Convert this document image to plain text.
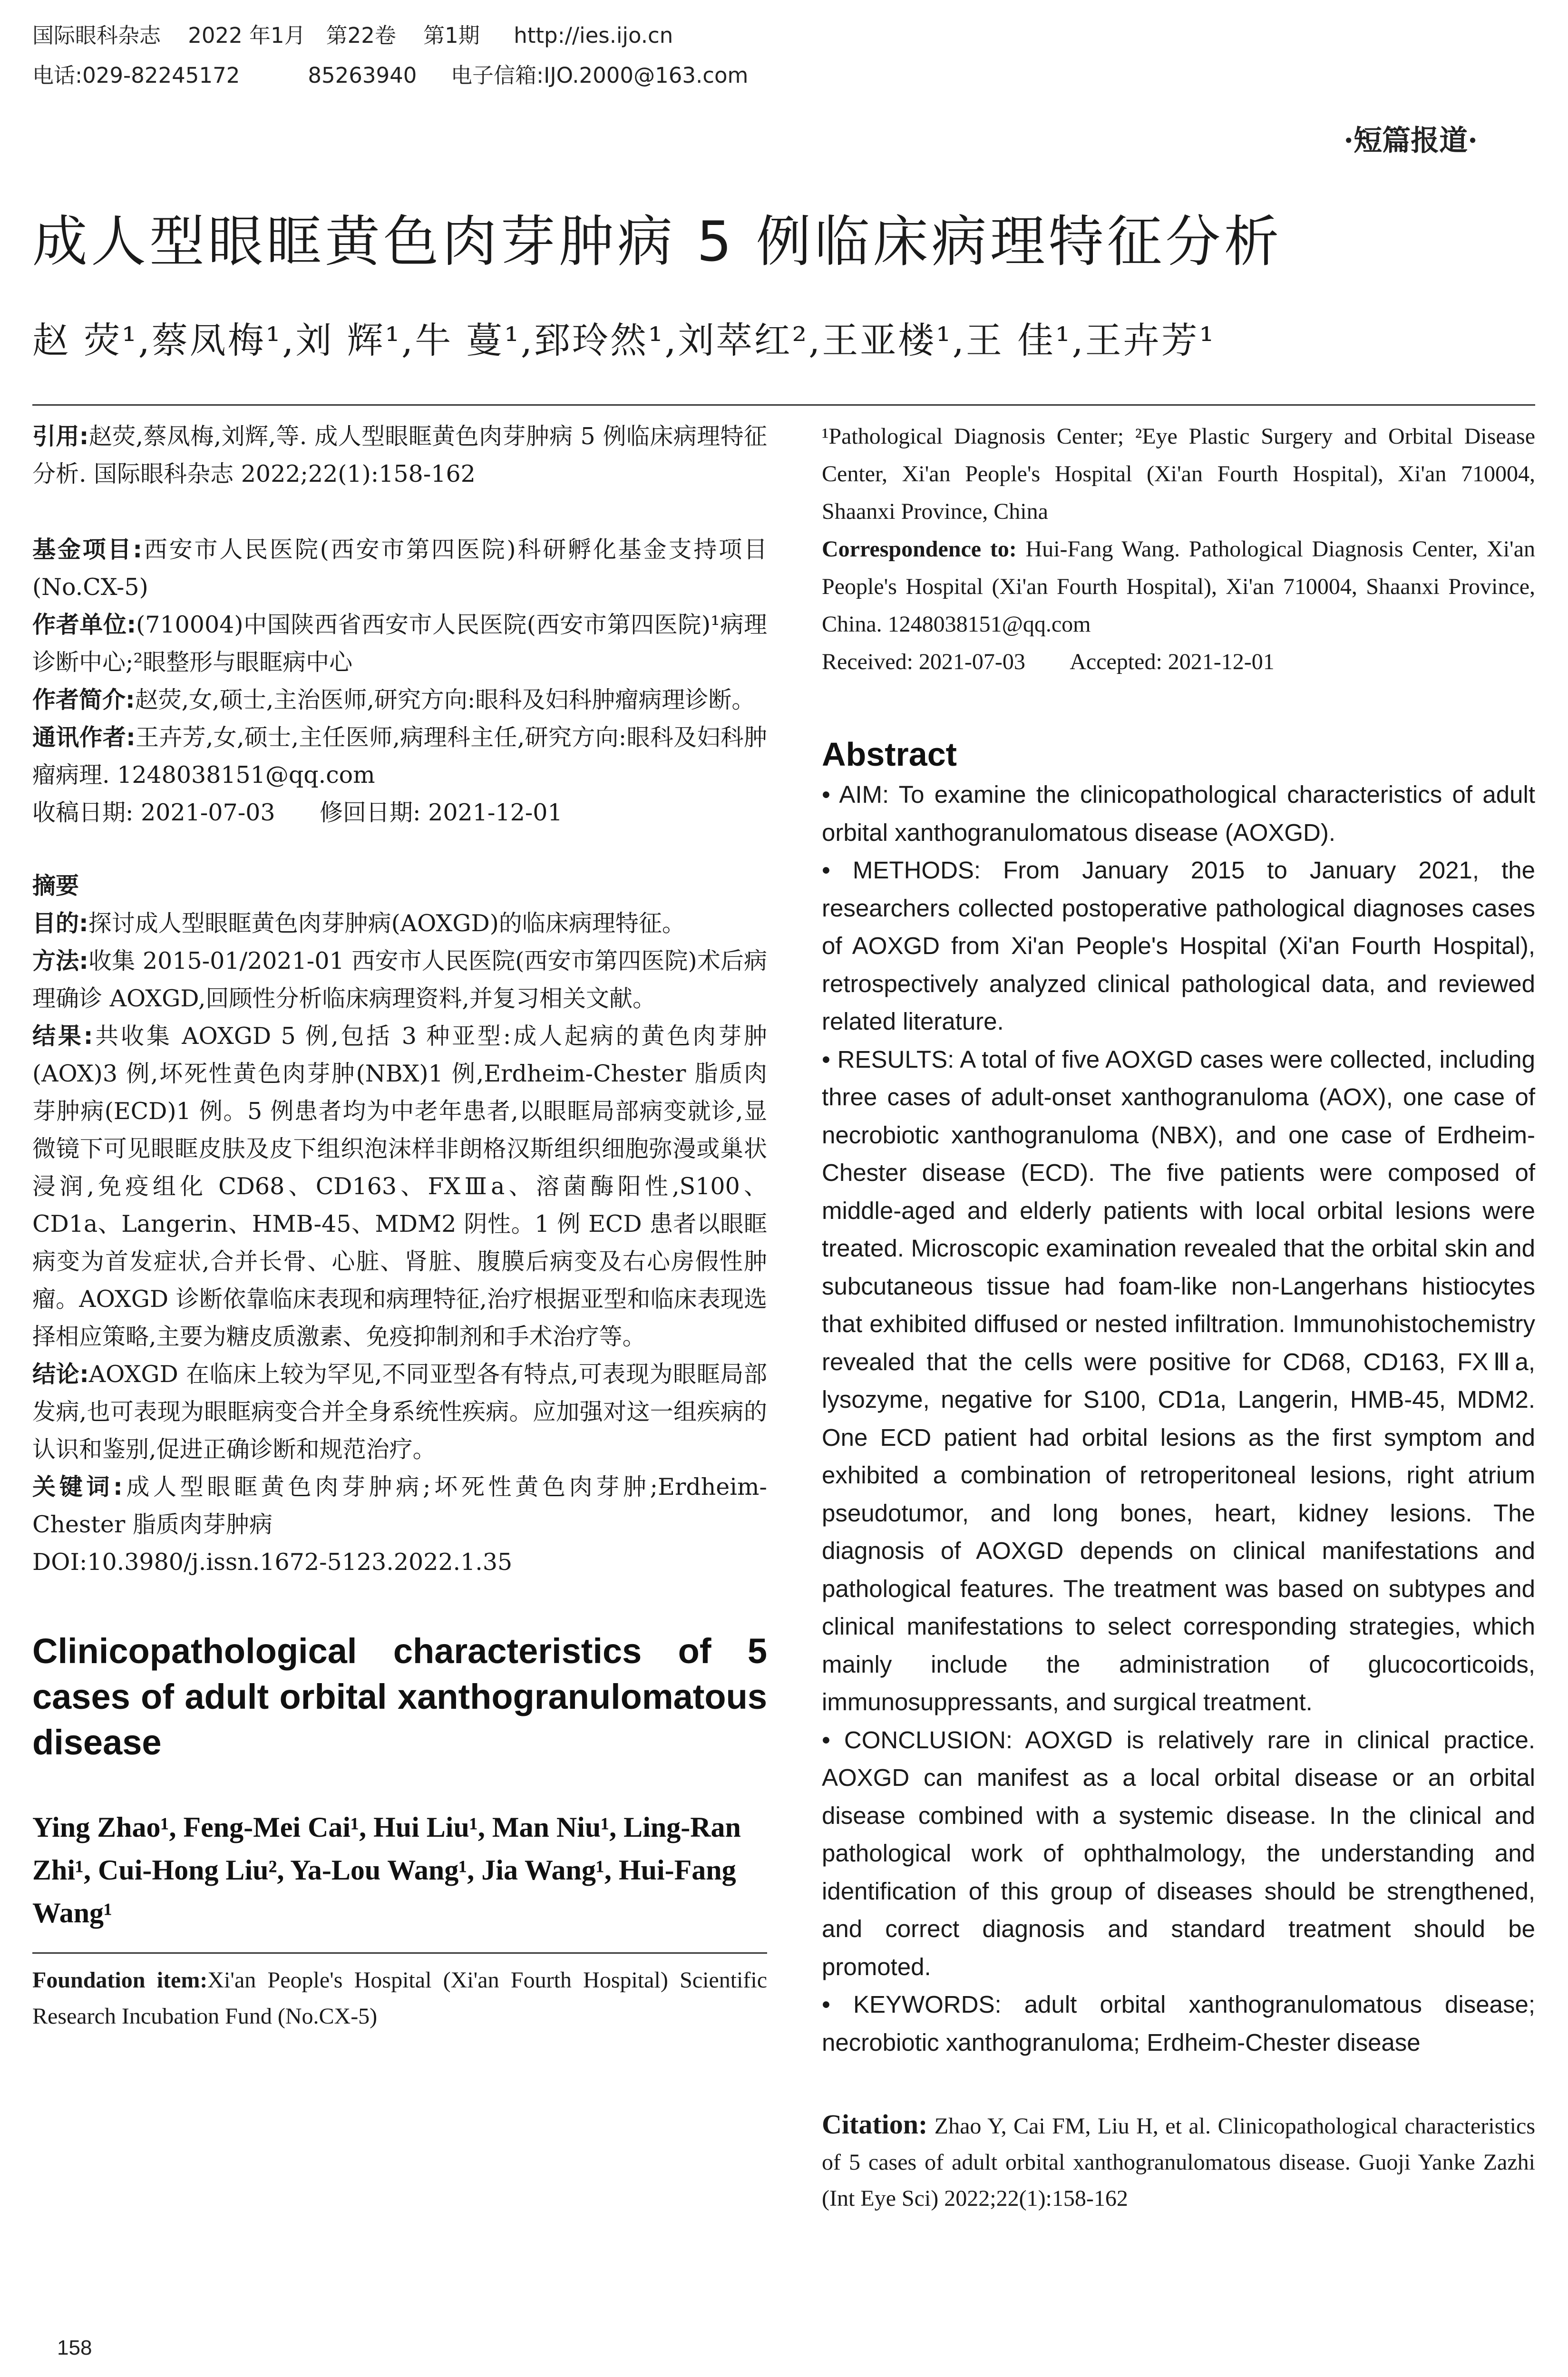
国际眼科杂志    2022 年1月   第22卷    第1期     http://ies.ijo.cn
电话:029-82245172          85263940     电子信箱:IJO.2000@163.com
·短篇报道·
成人型眼眶黄色肉芽肿病 5 例临床病理特征分析
赵 荧¹,蔡凤梅¹,刘 辉¹,牛 蔓¹,郅玲然¹,刘萃红²,王亚楼¹,王 佳¹,王卉芳¹

引用:赵荧,蔡凤梅,刘辉,等. 成人型眼眶黄色肉芽肿病 5 例临床病理特征分析. 国际眼科杂志 2022;22(1):158-162

基金项目:西安市人民医院(西安市第四医院)科研孵化基金支持项目(No.CX-5)

作者单位:(710004)中国陕西省西安市人民医院(西安市第四医院)¹病理诊断中心;²眼整形与眼眶病中心

作者简介:赵荧,女,硕士,主治医师,研究方向:眼科及妇科肿瘤病理诊断。

通讯作者:王卉芳,女,硕士,主任医师,病理科主任,研究方向:眼科及妇科肿瘤病理. 1248038151@qq.com

收稿日期: 2021-07-03      修回日期: 2021-12-01

摘要

目的:探讨成人型眼眶黄色肉芽肿病(AOXGD)的临床病理特征。

方法:收集 2015-01/2021-01 西安市人民医院(西安市第四医院)术后病理确诊 AOXGD,回顾性分析临床病理资料,并复习相关文献。

结果:共收集 AOXGD 5 例,包括 3 种亚型:成人起病的黄色肉芽肿(AOX)3 例,坏死性黄色肉芽肿(NBX)1 例,Erdheim-Chester 脂质肉芽肿病(ECD)1 例。5 例患者均为中老年患者,以眼眶局部病变就诊,显微镜下可见眼眶皮肤及皮下组织泡沫样非朗格汉斯组织细胞弥漫或巢状浸润,免疫组化 CD68、CD163、FXⅢa、溶菌酶阳性,S100、CD1a、Langerin、HMB-45、MDM2 阴性。1 例 ECD 患者以眼眶病变为首发症状,合并长骨、心脏、肾脏、腹膜后病变及右心房假性肿瘤。AOXGD 诊断依靠临床表现和病理特征,治疗根据亚型和临床表现选择相应策略,主要为糖皮质激素、免疫抑制剂和手术治疗等。

结论:AOXGD 在临床上较为罕见,不同亚型各有特点,可表现为眼眶局部发病,也可表现为眼眶病变合并全身系统性疾病。应加强对这一组疾病的认识和鉴别,促进正确诊断和规范治疗。

关键词:成人型眼眶黄色肉芽肿病;坏死性黄色肉芽肿;Erdheim-Chester 脂质肉芽肿病

DOI:10.3980/j.issn.1672-5123.2022.1.35

Clinicopathological characteristics of 5 cases of adult orbital xanthogranulomatous disease

Ying Zhao¹, Feng-Mei Cai¹, Hui Liu¹, Man Niu¹, Ling-Ran Zhi¹, Cui-Hong Liu², Ya-Lou Wang¹, Jia Wang¹, Hui-Fang Wang¹

Foundation item:Xi'an People's Hospital (Xi'an Fourth Hospital) Scientific Research Incubation Fund (No.CX-5)

¹Pathological Diagnosis Center; ²Eye Plastic Surgery and Orbital Disease Center, Xi'an People's Hospital (Xi'an Fourth Hospital), Xi'an 710004, Shaanxi Province, China

Correspondence to: Hui-Fang Wang. Pathological Diagnosis Center, Xi'an People's Hospital (Xi'an Fourth Hospital), Xi'an 710004, Shaanxi Province, China. 1248038151@qq.com

Received: 2021-07-03        Accepted: 2021-12-01

Abstract

• AIM: To examine the clinicopathological characteristics of adult orbital xanthogranulomatous disease (AOXGD).

• METHODS: From January 2015 to January 2021, the researchers collected postoperative pathological diagnoses cases of AOXGD from Xi'an People's Hospital (Xi'an Fourth Hospital), retrospectively analyzed clinical pathological data, and reviewed related literature.

• RESULTS: A total of five AOXGD cases were collected, including three cases of adult-onset xanthogranuloma (AOX), one case of necrobiotic xanthogranuloma (NBX), and one case of Erdheim-Chester disease (ECD). The five patients were composed of middle-aged and elderly patients with local orbital lesions were treated. Microscopic examination revealed that the orbital skin and subcutaneous tissue had foam-like non-Langerhans histiocytes that exhibited diffused or nested infiltration. Immunohistochemistry revealed that the cells were positive for CD68, CD163, FXⅢa, lysozyme, negative for S100, CD1a, Langerin, HMB-45, MDM2. One ECD patient had orbital lesions as the first symptom and exhibited a combination of retroperitoneal lesions, right atrium pseudotumor, and long bones, heart, kidney lesions. The diagnosis of AOXGD depends on clinical manifestations and pathological features. The treatment was based on subtypes and clinical manifestations to select corresponding strategies, which mainly include the administration of glucocorticoids, immunosuppressants, and surgical treatment.

• CONCLUSION: AOXGD is relatively rare in clinical practice. AOXGD can manifest as a local orbital disease or an orbital disease combined with a systemic disease. In the clinical and pathological work of ophthalmology, the understanding and identification of this group of diseases should be strengthened, and correct diagnosis and standard treatment should be promoted.

• KEYWORDS: adult orbital xanthogranulomatous disease; necrobiotic xanthogranuloma; Erdheim-Chester disease

Citation: Zhao Y, Cai FM, Liu H, et al. Clinicopathological characteristics of 5 cases of adult orbital xanthogranulomatous disease. Guoji Yanke Zazhi (Int Eye Sci) 2022;22(1):158-162

158
